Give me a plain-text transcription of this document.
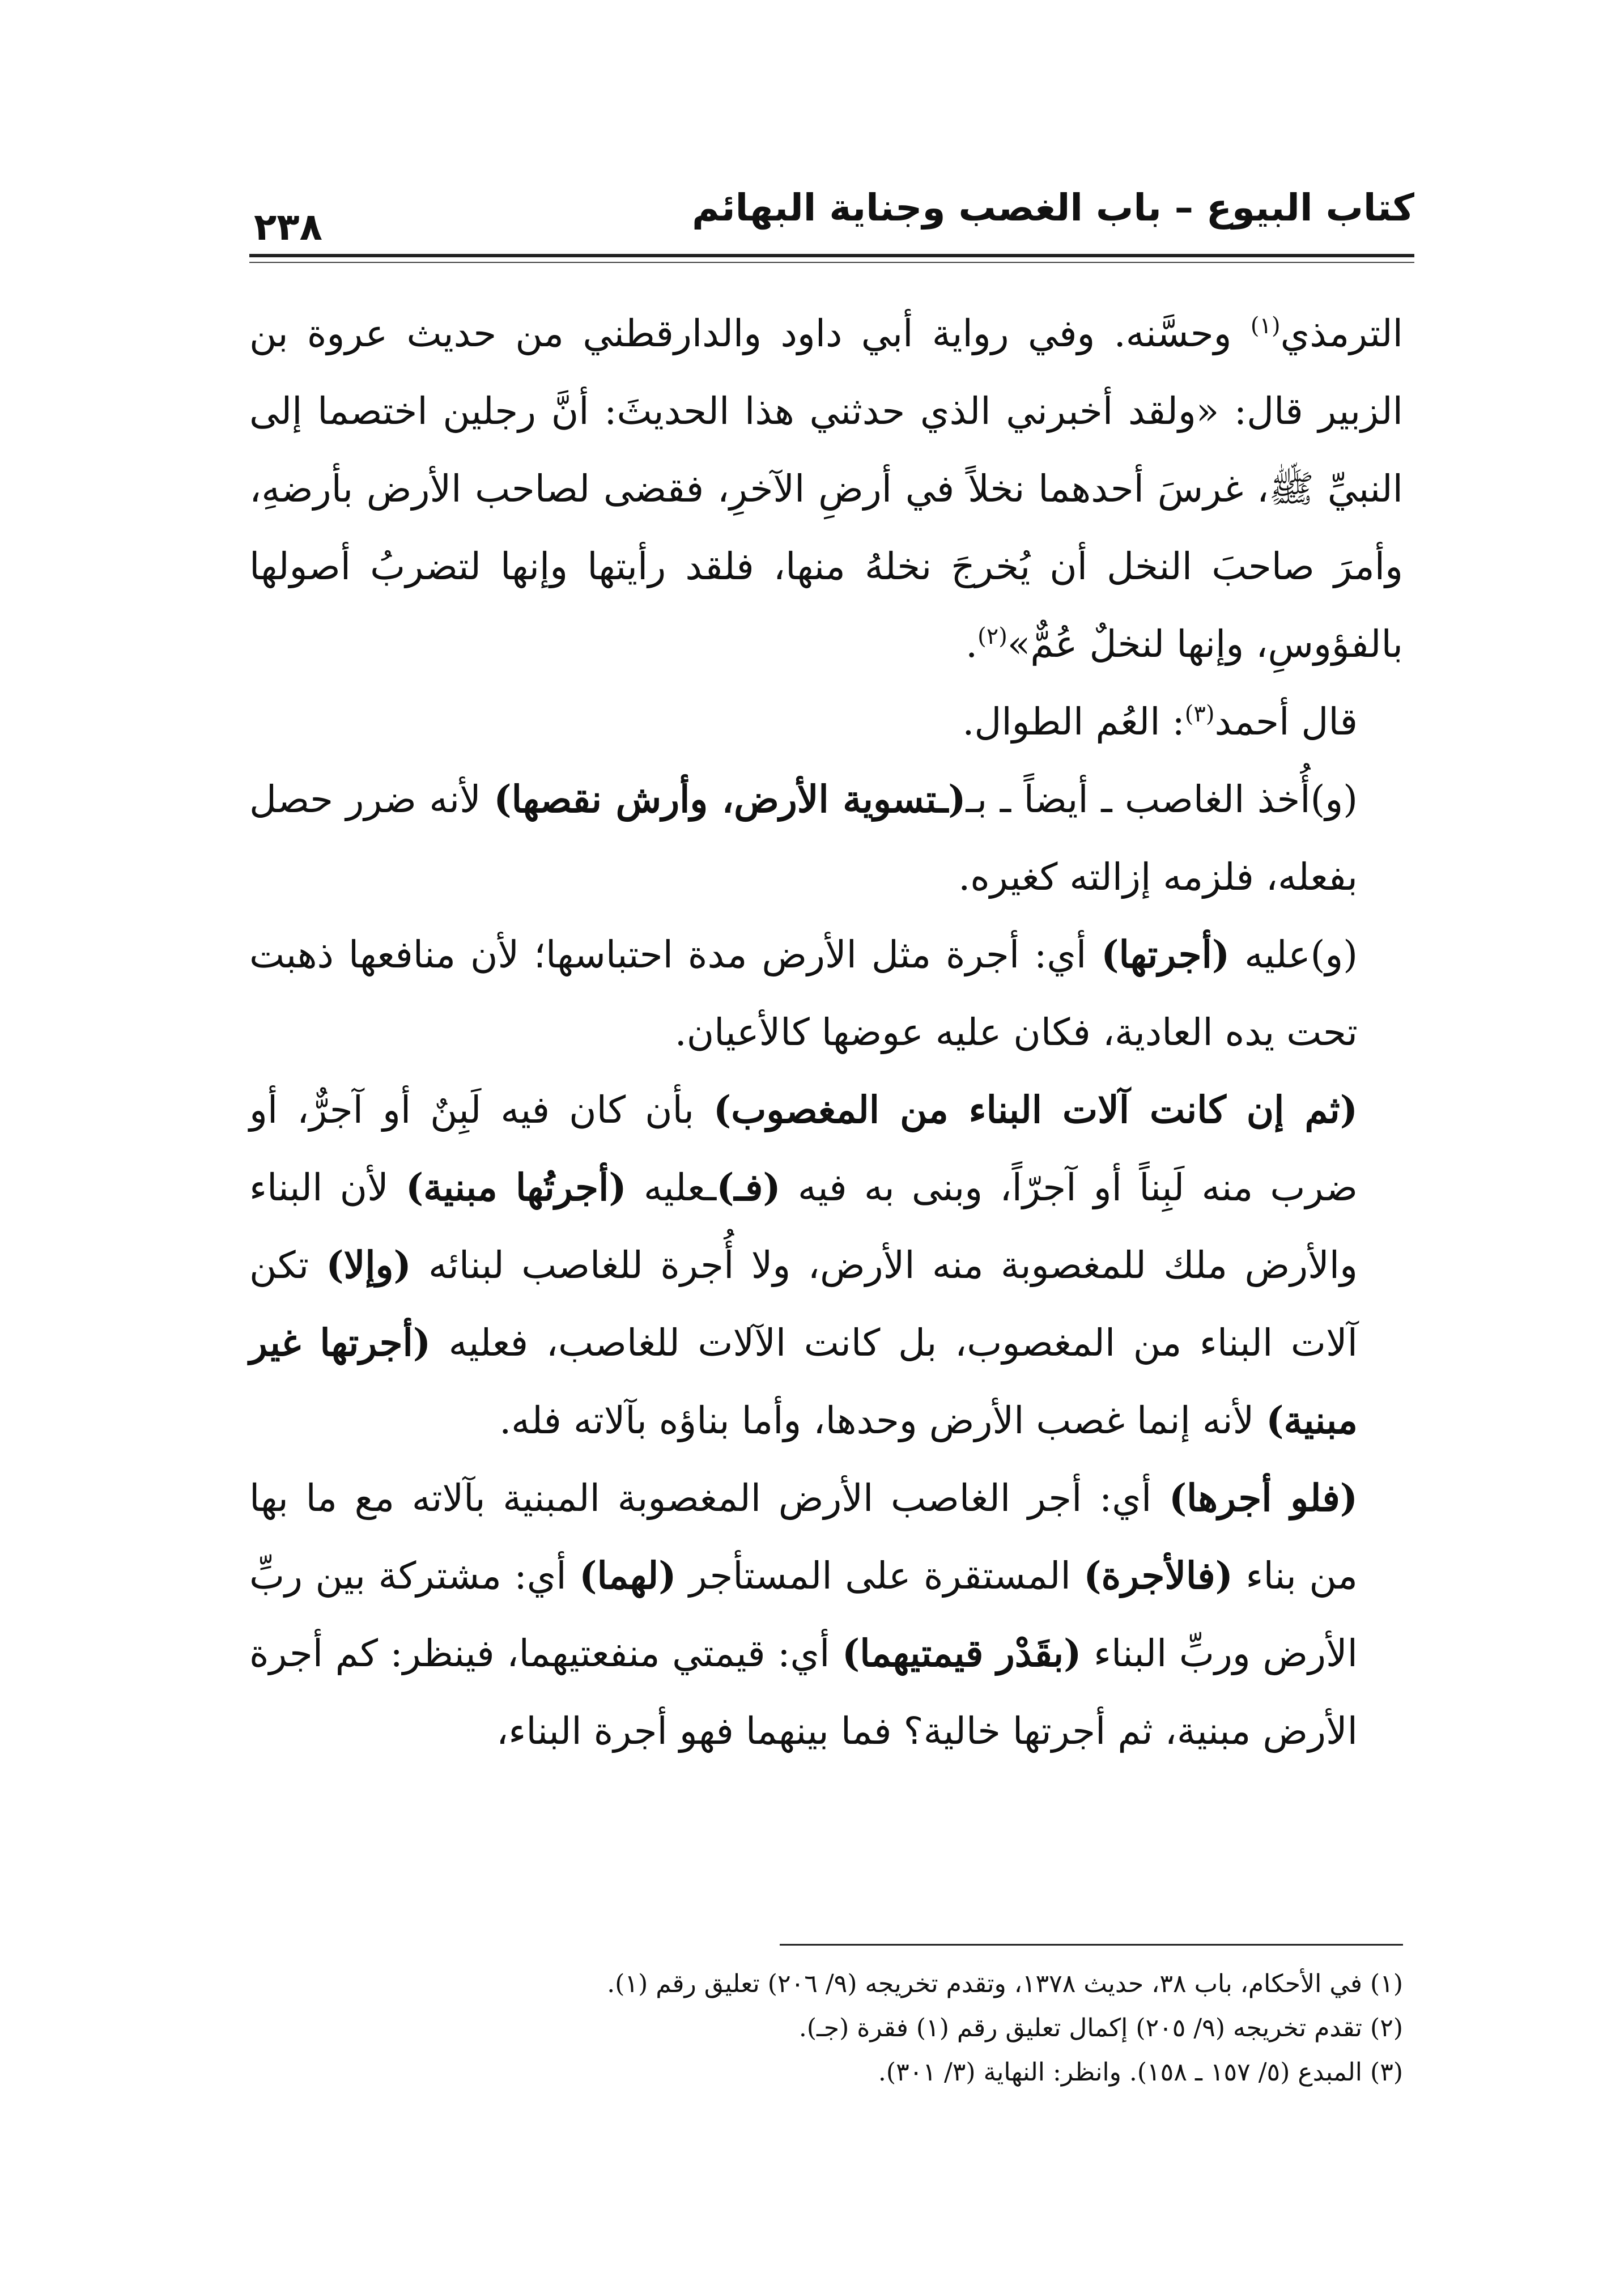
كتاب البيوع – باب الغصب وجناية البهائم
٢٣٨

الترمذي$^{(١)}$ وحسَّنه. وفي رواية أبي داود والدارقطني من حديث عروة بن الزبير قال: «ولقد أخبرني الذي حدثني هذا الحديثَ: أنَّ رجلين اختصما إلى النبيِّ ﷺ، غرسَ أحدهما نخلاً في أرضِ الآخرِ، فقضى لصاحب الأرض بأرضهِ، وأمرَ صاحبَ النخل أن يُخرجَ نخلهُ منها، فلقد رأيتها وإنها لتضربُ أصولها بالفؤوسِ، وإنها لنخلٌ عُمٌّ»$^{(٢)}$.

قال أحمد$^{(٣)}$: العُم الطوال.

(و)أُخذ الغاصب ـ أيضاً ـ بـ(ـتسوية الأرض، وأرش نقصها) لأنه ضرر حصل بفعله، فلزمه إزالته كغيره.

(و)عليه (أجرتها) أي: أجرة مثل الأرض مدة احتباسها؛ لأن منافعها ذهبت تحت يده العادية، فكان عليه عوضها كالأعيان.

(ثم إن كانت آلات البناء من المغصوب) بأن كان فيه لَبِنٌ أو آجرٌّ، أو ضرب منه لَبِناً أو آجرّاً، وبنى به فيه (فـ)ـعليه (أجرتُها مبنية) لأن البناء والأرض ملك للمغصوبة منه الأرض، ولا أُجرة للغاصب لبنائه (وإلا) تكن آلات البناء من المغصوب، بل كانت الآلات للغاصب، فعليه (أجرتها غير مبنية) لأنه إنما غصب الأرض وحدها، وأما بناؤه بآلاته فله.

(فلو أجرها) أي: أجر الغاصب الأرض المغصوبة المبنية بآلاته مع ما بها من بناء (فالأجرة) المستقرة على المستأجر (لهما) أي: مشتركة بين ربِّ الأرض وربِّ البناء (بقَدْر قيمتيهما) أي: قيمتي منفعتيهما، فينظر: كم أجرة الأرض مبنية، ثم أجرتها خالية؟ فما بينهما فهو أجرة البناء،

(١) في الأحكام، باب ٣٨، حديث ١٣٧٨، وتقدم تخريجه (٩/ ٢٠٦) تعليق رقم (١).

(٢) تقدم تخريجه (٩/ ٢٠٥) إكمال تعليق رقم (١) فقرة (جـ).

(٣) المبدع (٥/ ١٥٧ ـ ١٥٨). وانظر: النهاية (٣/ ٣٠١).
